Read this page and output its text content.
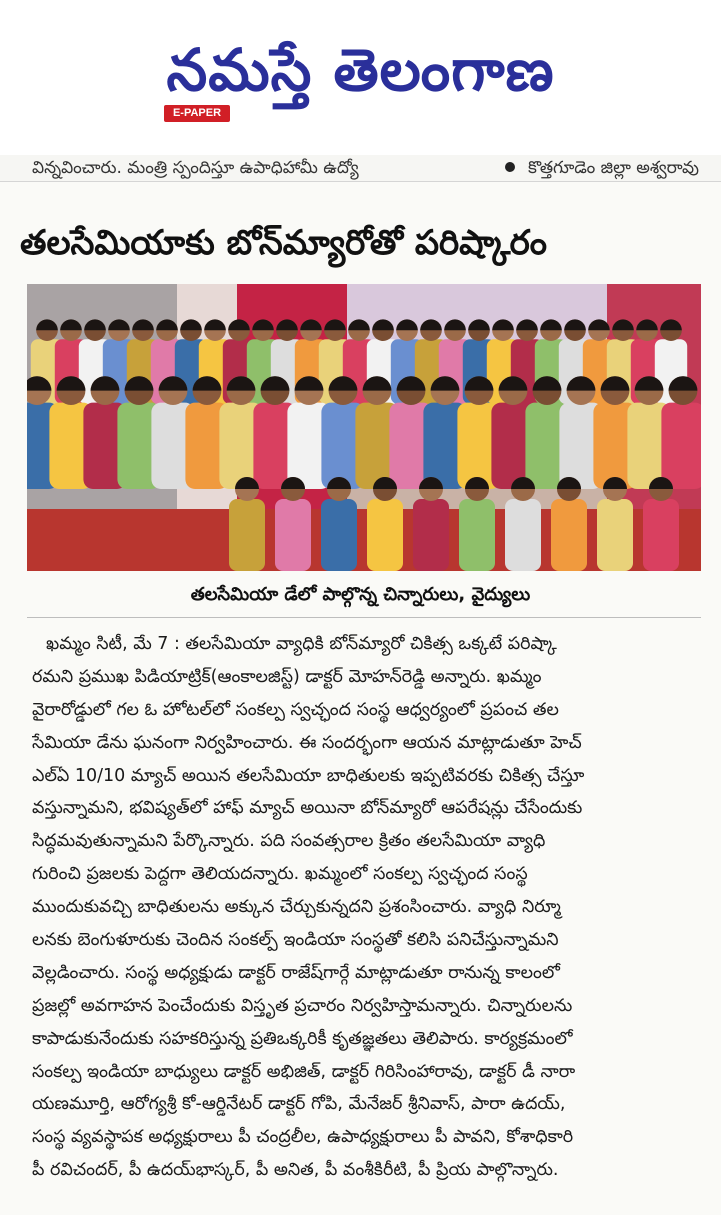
నమస్తే తెలంగాణ
E-PAPER
విన్నవించారు. మంత్రి స్పందిస్తూ ఉపాధిహామీ ఉద్యో	కొత్తగూడెం జిల్లా అశ్వరావు
తలసేమియాకు బోన్‌మ్యారోతో పరిష్కారం
తలసేమియా డేలో పాల్గొన్న చిన్నారులు, వైద్యులు
ఖమ్మం సిటీ, మే 7 : తలసేమియా వ్యాధికి బోన్‌మ్యారో చికిత్స ఒక్కటే పరిష్కా
రమని ప్రముఖ పిడియాట్రిక్(ఆంకాలజిస్ట్) డాక్టర్ మోహన్‌రెడ్డి అన్నారు. ఖమ్మం
వైరారోడ్డులో గల ఓ హోటల్‌లో సంకల్ప స్వచ్ఛంద సంస్థ ఆధ్వర్యంలో ప్రపంచ తల
సేమియా డేను ఘనంగా నిర్వహించారు. ఈ సందర్భంగా ఆయన మాట్లాడుతూ హెచ్
ఎల్‌ఏ 10/10 మ్యాచ్ అయిన తలసేమియా బాధితులకు ఇప్పటివరకు చికిత్స చేస్తూ
వస్తున్నామని, భవిష్యత్‌లో హాఫ్ మ్యాచ్ అయినా బోన్‌మ్యారో ఆపరేషన్లు చేసేందుకు
సిద్ధమవుతున్నామని పేర్కొన్నారు. పది సంవత్సరాల క్రితం తలసేమియా వ్యాధి
గురించి ప్రజలకు పెద్దగా తెలియదన్నారు. ఖమ్మంలో సంకల్ప స్వచ్ఛంద సంస్థ
ముందుకువచ్చి బాధితులను అక్కున చేర్చుకున్నదని ప్రశంసించారు. వ్యాధి నిర్మూ
లనకు బెంగుళూరుకు చెందిన సంకల్ప్ ఇండియా సంస్థతో కలిసి పనిచేస్తున్నామని
వెల్లడించారు. సంస్థ అధ్యక్షుడు డాక్టర్ రాజేష్‌గార్గే మాట్లాడుతూ రానున్న కాలంలో
ప్రజల్లో అవగాహన పెంచేందుకు విస్తృత ప్రచారం నిర్వహిస్తామన్నారు. చిన్నారులను
కాపాడుకునేందుకు సహకరిస్తున్న ప్రతిఒక్కరికీ కృతజ్ఞతలు తెలిపారు. కార్యక్రమంలో
సంకల్ప ఇండియా బాధ్యులు డాక్టర్ అభిజిత్, డాక్టర్ గిరిసింహారావు, డాక్టర్ డీ నారా
యణమూర్తి, ఆరోగ్యశ్రీ కో-ఆర్డినేటర్ డాక్టర్ గోపి, మేనేజర్ శ్రీనివాస్, పారా ఉదయ్,
సంస్థ వ్యవస్థాపక అధ్యక్షురాలు పీ చంద్రలీల, ఉపాధ్యక్షురాలు పీ పావని, కోశాధికారి
పీ రవిచందర్, పీ ఉదయ్‌భాస్కర్, పీ అనిత, పీ వంశీకిరీటి, పీ ప్రియ పాల్గొన్నారు.
